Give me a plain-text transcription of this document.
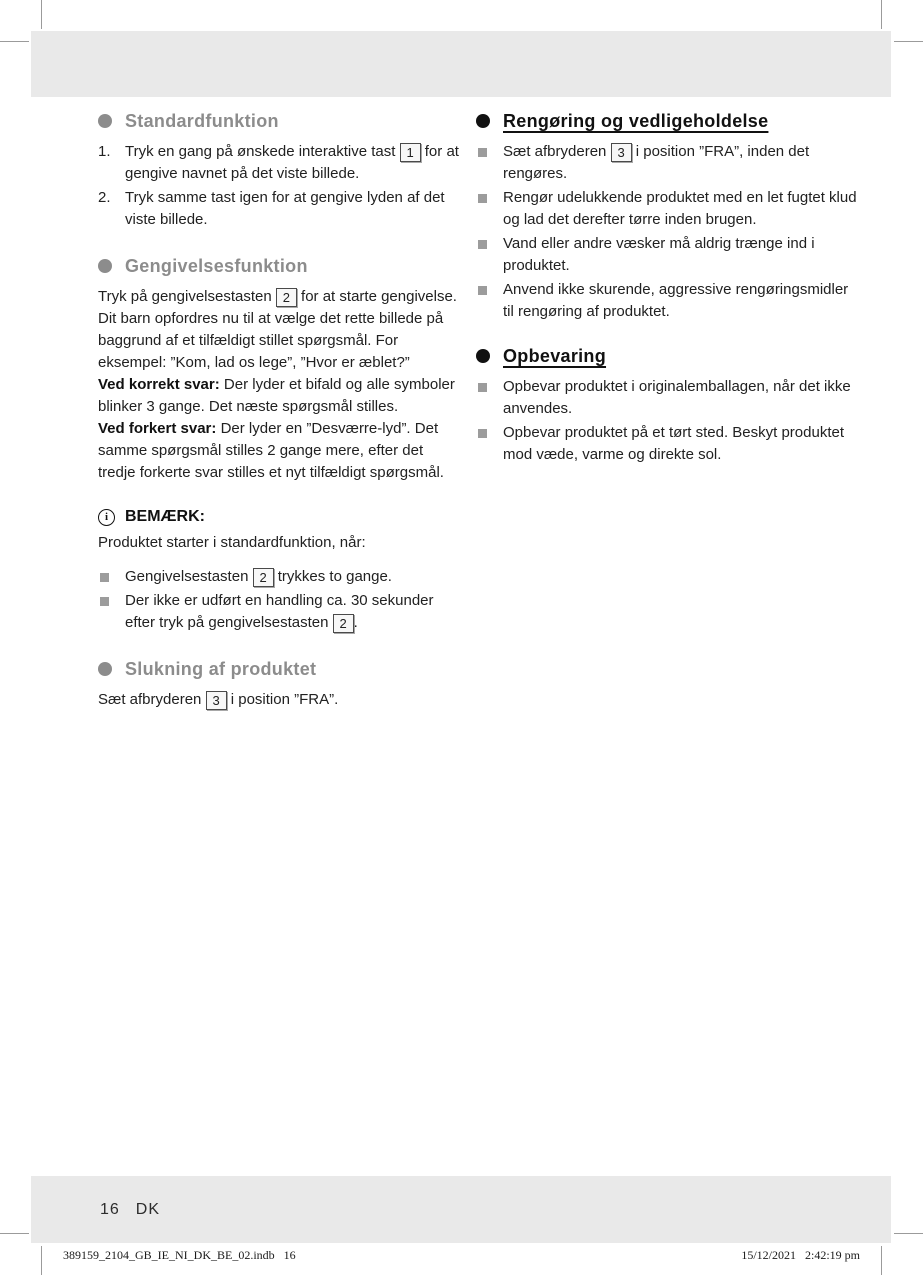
Standardfunktion
1. Tryk en gang på ønskede interaktive tast 1 for at gengive navnet på det viste billede.
2. Tryk samme tast igen for at gengive lyden af det viste billede.
Gengivelsesfunktion

Tryk på gengivelsestasten 2 for at starte gengivelse. Dit barn opfordres nu til at vælge det rette billede på baggrund af et tilfældigt stillet spørgsmål. For eksempel: ”Kom, lad os lege”, ”Hvor er æblet?”

Ved korrekt svar: Der lyder et bifald og alle symboler blinker 3 gange. Det næste spørgsmål stilles.

Ved forkert svar: Der lyder en ”Desværre-lyd”. Det samme spørgsmål stilles 2 gange mere, efter det tredje forkerte svar stilles et nyt tilfældigt spørgsmål.

i	BEMÆRK:

Produktet starter i standardfunktion, når:

Gengivelsestasten 2 trykkes to gange.
Der ikke er udført en handling ca. 30 sekunder efter tryk på gengivelsestasten 2 .
Slukning af produktet

Sæt afbryderen 3 i position ”FRA”.

Rengøring og vedligeholdelse
Sæt afbryderen 3 i position ”FRA”, inden det rengøres.
Rengør udelukkende produktet med en let fugtet klud og lad det derefter tørre inden brugen.
Vand eller andre væsker må aldrig trænge ind i produktet.
Anvend ikke skurende, aggressive rengøringsmidler til rengøring af produktet.
Opbevaring
Opbevar produktet i originalemballagen, når det ikke anvendes.
Opbevar produktet på et tørt sted. Beskyt produktet mod væde, varme og direkte sol.
16 DK
389159_2104_GB_IE_NI_DK_BE_02.indb   16	15/12/2021   2:42:19 pm
